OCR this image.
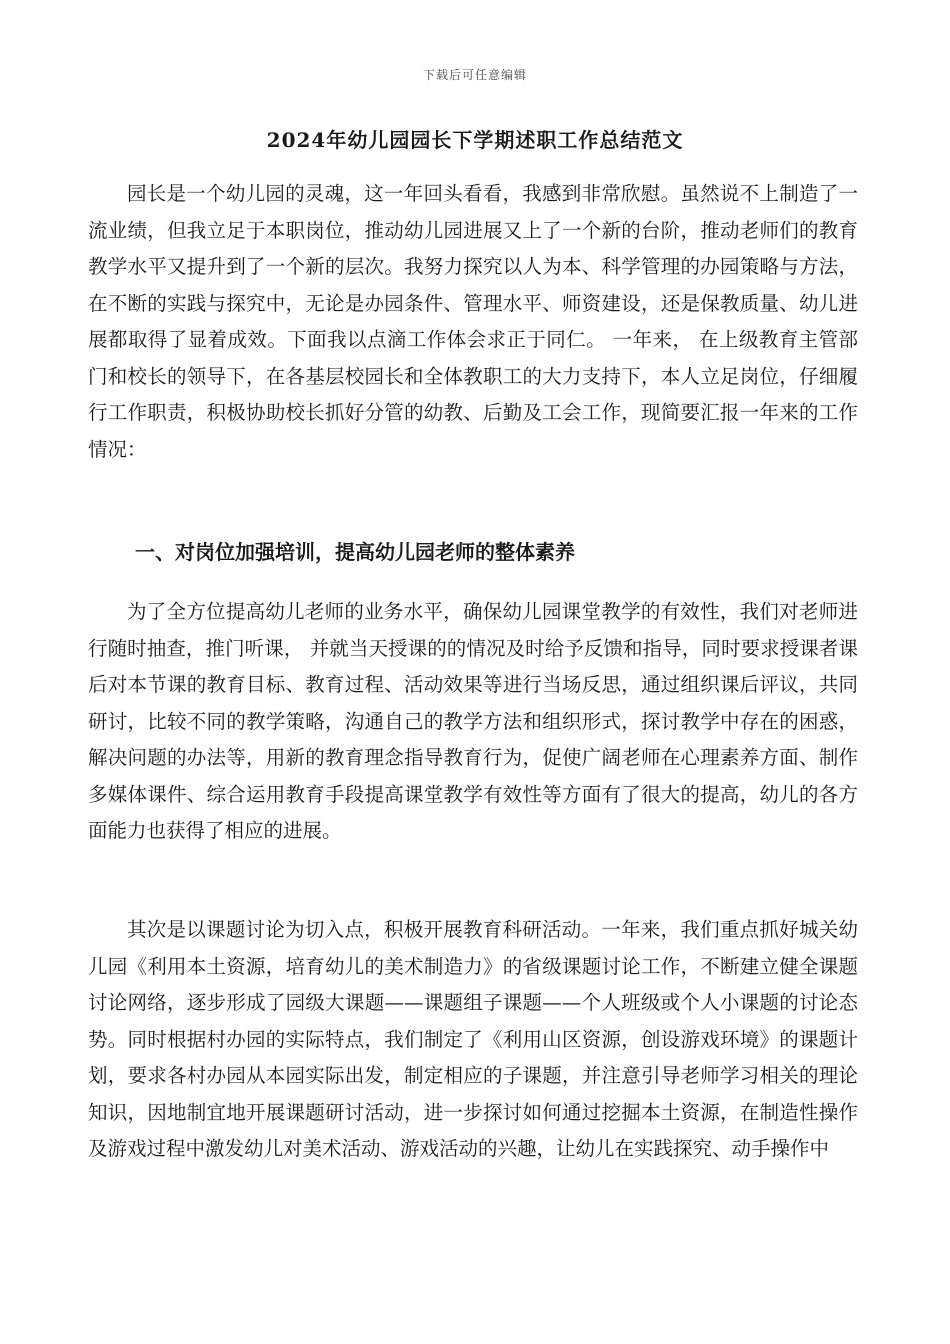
下载后可任意编辑
2024年幼儿园园长下学期述职工作总结范文
园长是一个幼儿园的灵魂，这一年回头看看，我感到非常欣慰。虽然说不上制造了一流业绩，但我立足于本职岗位，推动幼儿园进展又上了一个新的台阶，推动老师们的教育教学水平又提升到了一个新的层次。我努力探究以人为本、科学管理的办园策略与方法，在不断的实践与探究中，无论是办园条件、管理水平、师资建设，还是保教质量、幼儿进展都取得了显着成效。下面我以点滴工作体会求正于同仁。 一年来， 在上级教育主管部门和校长的领导下，在各基层校园长和全体教职工的大力支持下，本人立足岗位，仔细履行工作职责，积极协助校长抓好分管的幼教、后勤及工会工作，现简要汇报一年来的工作情况：
一、对岗位加强培训，提高幼儿园老师的整体素养
为了全方位提高幼儿老师的业务水平，确保幼儿园课堂教学的有效性，我们对老师进行随时抽查，推门听课， 并就当天授课的的情况及时给予反馈和指导，同时要求授课者课后对本节课的教育目标、教育过程、活动效果等进行当场反思，通过组织课后评议，共同研讨，比较不同的教学策略，沟通自己的教学方法和组织形式，探讨教学中存在的困惑，解决问题的办法等，用新的教育理念指导教育行为，促使广阔老师在心理素养方面、制作多媒体课件、综合运用教育手段提高课堂教学有效性等方面有了很大的提高，幼儿的各方面能力也获得了相应的进展。
其次是以课题讨论为切入点，积极开展教育科研活动。一年来，我们重点抓好城关幼儿园《利用本土资源，培育幼儿的美术制造力》的省级课题讨论工作，不断建立健全课题讨论网络，逐步形成了园级大课题——课题组子课题——个人班级或个人小课题的讨论态势。同时根据村办园的实际特点，我们制定了《利用山区资源，创设游戏环境》的课题计划，要求各村办园从本园实际出发，制定相应的子课题，并注意引导老师学习相关的理论知识，因地制宜地开展课题研讨活动，进一步探讨如何通过挖掘本土资源，在制造性操作及游戏过程中激发幼儿对美术活动、游戏活动的兴趣，让幼儿在实践探究、动手操作中
